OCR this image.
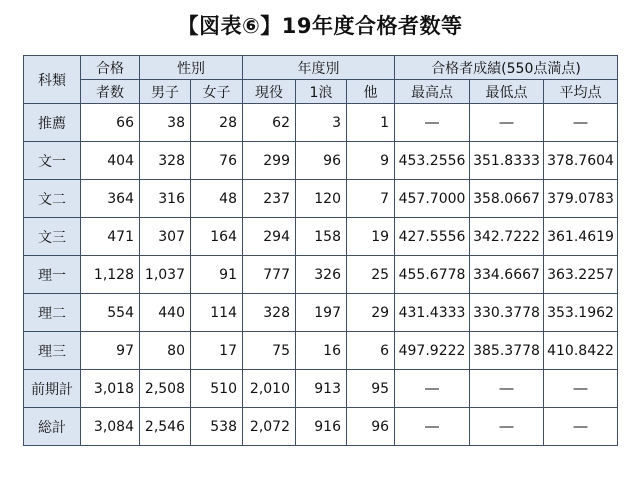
【図表⑥】19年度合格者数等
科類	合格	性別		年度別			合格者成績(550点満点)		
	者数	男子	女子	現役	1浪	他	最高点	最低点	平均点
推薦	66	38	28	62	3	1	―	―	―
文一	404	328	76	299	96	9	453.2556	351.8333	378.7604
文二	364	316	48	237	120	7	457.7000	358.0667	379.0783
文三	471	307	164	294	158	19	427.5556	342.7222	361.4619
理一	1,128	1,037	91	777	326	25	455.6778	334.6667	363.2257
理二	554	440	114	328	197	29	431.4333	330.3778	353.1962
理三	97	80	17	75	16	6	497.9222	385.3778	410.8422
前期計	3,018	2,508	510	2,010	913	95	―	―	―
総計	3,084	2,546	538	2,072	916	96	―	―	―
